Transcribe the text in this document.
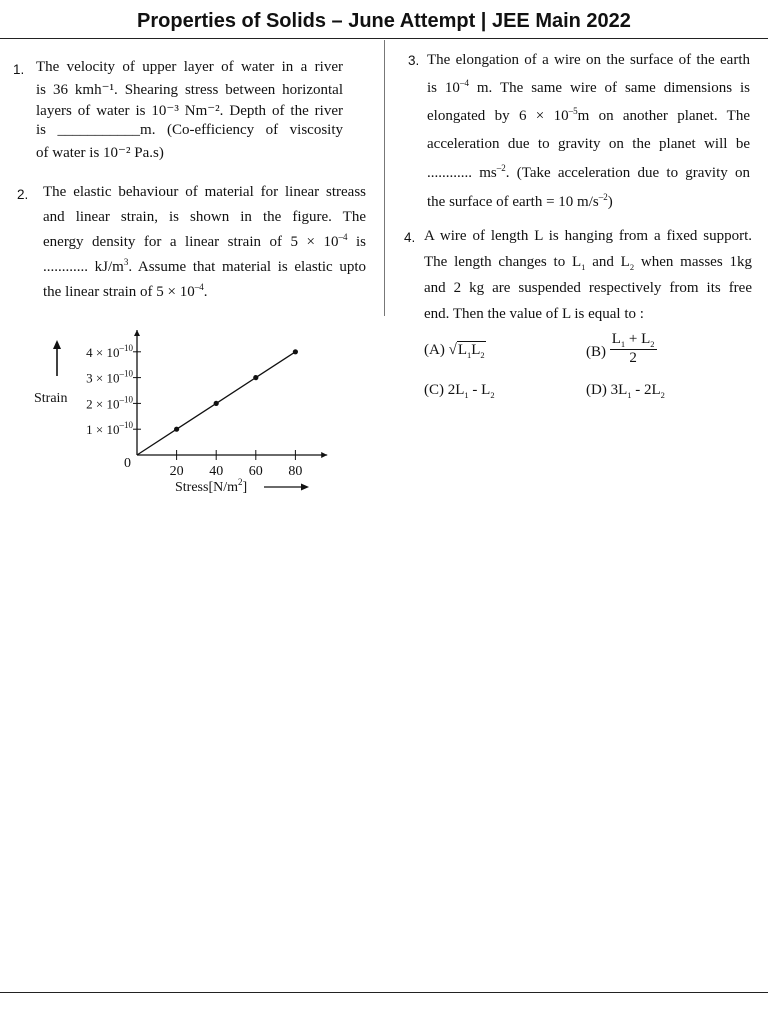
Properties of Solids – June Attempt | JEE Main 2022
1. The velocity of upper layer of water in a river
is 36 kmh⁻¹. Shearing stress between horizontal
layers of water is 10⁻³ Nm⁻². Depth of the river
is ___________m. (Co-efficiency of viscosity
of water is 10⁻² Pa.s)
2. The elastic behaviour of material for linear streass
and linear strain, is shown in the figure. The
energy density for a linear strain of $5 \times 10^{-4}$ is
............ $kJ/m^3$. Assume that material is elastic upto
the linear strain of $5 \times 10^{-4}$.
20 40 60 80
0
$1 \times 10^{-10}$
$2 \times 10^{-10}$
$3 \times 10^{-10}$
$4 \times 10^{-10}$
$Stress[N/m^2]$
Strain
3. The elongation of a wire on the surface of the earth
is $10^{-4}$ m. The same wire of same dimensions is
elongated by $6 \times 10^{-5}m$ on another planet. The
acceleration due to gravity on the planet will be
............ $ms^{-2}$. (Take acceleration due to gravity on
the surface of earth = 10 $m/s^{-2}$)
4. A wire of length L is hanging from a fixed support.
The length changes to $L_1$ and $L_2$ when masses 1kg
and 2 kg are suspended respectively from its free
end. Then the value of L is equal to :
(A) $√L_1L_2$	$(B) \frac{L_1 + L_2}{2}$
(C) $2L_1 - L_2$	(D) $3L_1 - 2L_2$
